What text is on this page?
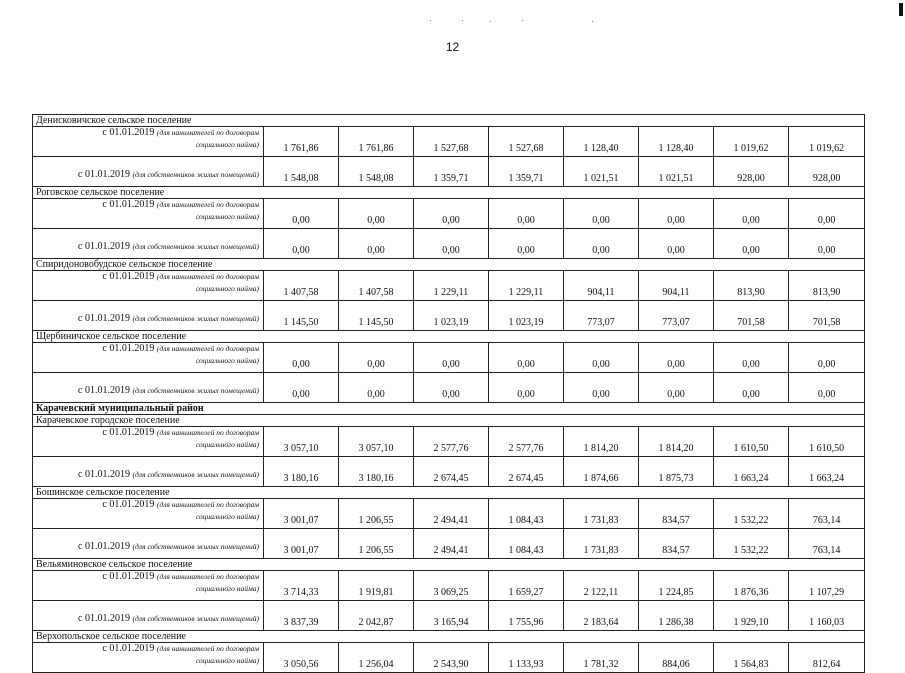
12
Денисковичское сельское поселение								

с 01.01.2019 (для нанимателей по договорам
социального найма)	1 761,86	1 761,86	1 527,68	1 527,68	1 128,40	1 128,40	1 019,62	1 019,62

с 01.01.2019 (для собственников жилых помещений)	1 548,08	1 548,08	1 359,71	1 359,71	1 021,51	1 021,51	928,00	928,00
Роговское сельское поселение								

с 01.01.2019 (для нанимателей по договорам
социального найма)	0,00	0,00	0,00	0,00	0,00	0,00	0,00	0,00

с 01.01.2019 (для собственников жилых помещений)	0,00	0,00	0,00	0,00	0,00	0,00	0,00	0,00
Спиридоновобудское сельское поселение								

с 01.01.2019 (для нанимателей по договорам
социального найма)	1 407,58	1 407,58	1 229,11	1 229,11	904,11	904,11	813,90	813,90

с 01.01.2019 (для собственников жилых помещений)	1 145,50	1 145,50	1 023,19	1 023,19	773,07	773,07	701,58	701,58
Щербиничское сельское поселение								

с 01.01.2019 (для нанимателей по договорам
социального найма)	0,00	0,00	0,00	0,00	0,00	0,00	0,00	0,00

с 01.01.2019 (для собственников жилых помещений)	0,00	0,00	0,00	0,00	0,00	0,00	0,00	0,00
Карачевский муниципальный район								
Карачевское городское поселение								

с 01.01.2019 (для нанимателей по договорам
социального найма)	3 057,10	3 057,10	2 577,76	2 577,76	1 814,20	1 814,20	1 610,50	1 610,50

с 01.01.2019 (для собственников жилых помещений)	3 180,16	3 180,16	2 674,45	2 674,45	1 874,66	1 875,73	1 663,24	1 663,24
Бошинское сельское поселение								

с 01.01.2019 (для нанимателей по договорам
социального найма)	3 001,07	1 206,55	2 494,41	1 084,43	1 731,83	834,57	1 532,22	763,14

с 01.01.2019 (для собственников жилых помещений)	3 001,07	1 206,55	2 494,41	1 084,43	1 731,83	834,57	1 532,22	763,14
Вельяминовское сельское поселение								

с 01.01.2019 (для нанимателей по договорам
социального найма)	3 714,33	1 919,81	3 069,25	1 659,27	2 122,11	1 224,85	1 876,36	1 107,29

с 01.01.2019 (для собственников жилых помещений)	3 837,39	2 042,87	3 165,94	1 755,96	2 183,64	1 286,38	1 929,10	1 160,03
Верхопольское сельское поселение								

с 01.01.2019 (для нанимателей по договорам
социального найма)	3 050,56	1 256,04	2 543,90	1 133,93	1 781,32	884,06	1 564,83	812,64
